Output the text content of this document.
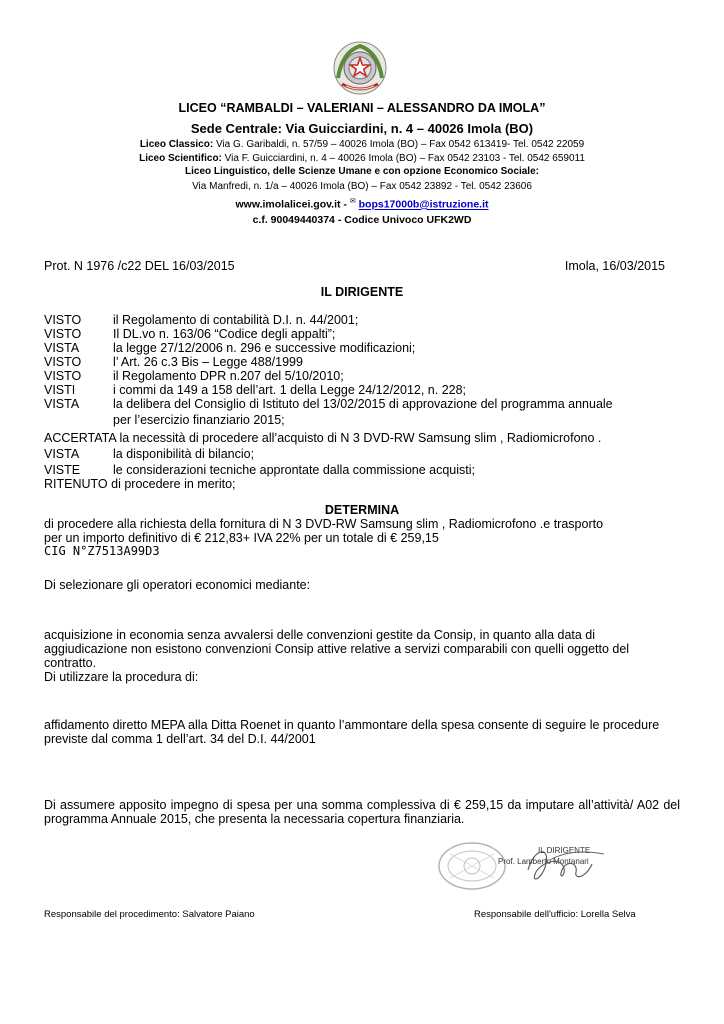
LICEO “RAMBALDI – VALERIANI – ALESSANDRO DA IMOLA”
Sede Centrale: Via Guicciardini, n. 4 – 40026 Imola (BO)
Liceo Classico: Via G. Garibaldi, n. 57/59 – 40026 Imola (BO) – Fax 0542 613419- Tel. 0542 22059
Liceo Scientifico: Via F. Guicciardini, n. 4 – 40026 Imola (BO) – Fax 0542 23103 - Tel. 0542 659011
Liceo Linguistico, delle Scienze Umane e con opzione Economico Sociale:
Via Manfredi, n. 1/a – 40026 Imola (BO) – Fax 0542 23892 - Tel. 0542 23606
www.imolalicei.gov.it - ✉ bops17000b@istruzione.it
c.f. 90049440374 - Codice Univoco UFK2WD
Prot. N 1976 /c22 DEL 16/03/2015	Imola, 16/03/2015
IL DIRIGENTE
VISTO	il Regolamento di contabilità D.I. n. 44/2001;
VISTO	Il DL.vo n. 163/06 “Codice degli appalti”;
VISTA	la legge 27/12/2006 n. 296 e successive modificazioni;
VISTO	l’ Art. 26 c.3 Bis – Legge 488/1999
VISTO	il Regolamento DPR n.207 del 5/10/2010;
VISTI	i commi da 149 a 158 dell’art. 1 della Legge 24/12/2012, n. 228;
VISTA	la delibera del Consiglio di Istituto del 13/02/2015 di approvazione del programma annuale
per l’esercizio finanziario 2015;
ACCERTATA la necessità di procedere all’acquisto di N 3 DVD-RW Samsung slim , Radiomicrofono .
VISTA	la disponibilità di bilancio;
VISTE	le considerazioni tecniche approntate dalla commissione acquisti;
RITENUTO di procedere in merito;
DETERMINA
di procedere alla richiesta della fornitura di N 3 DVD-RW Samsung slim , Radiomicrofono .e trasporto
per un importo definitivo di € 212,83+ IVA 22% per un totale di € 259,15
CIG N°Z7513A99D3
Di selezionare gli operatori economici mediante:
acquisizione in economia senza avvalersi delle convenzioni gestite da Consip, in quanto alla data di aggiudicazione non esistono convenzioni Consip attive relative a servizi comparabili con quelli oggetto del contratto.
Di utilizzare la procedura di:
affidamento diretto MEPA alla Ditta Roenet in quanto l’ammontare della spesa consente di seguire le procedure previste dal comma 1 dell’art. 34 del D.I. 44/2001
Di assumere apposito impegno di spesa per una somma complessiva di € 259,15 da imputare all’attività/ A02 del programma Annuale 2015, che presenta la necessaria copertura finanziaria.
IL DIRIGENTE
Prof. Lamberto Montanari
Responsabile del procedimento: Salvatore Paiano	Responsabile dell'ufficio: Lorella Selva
